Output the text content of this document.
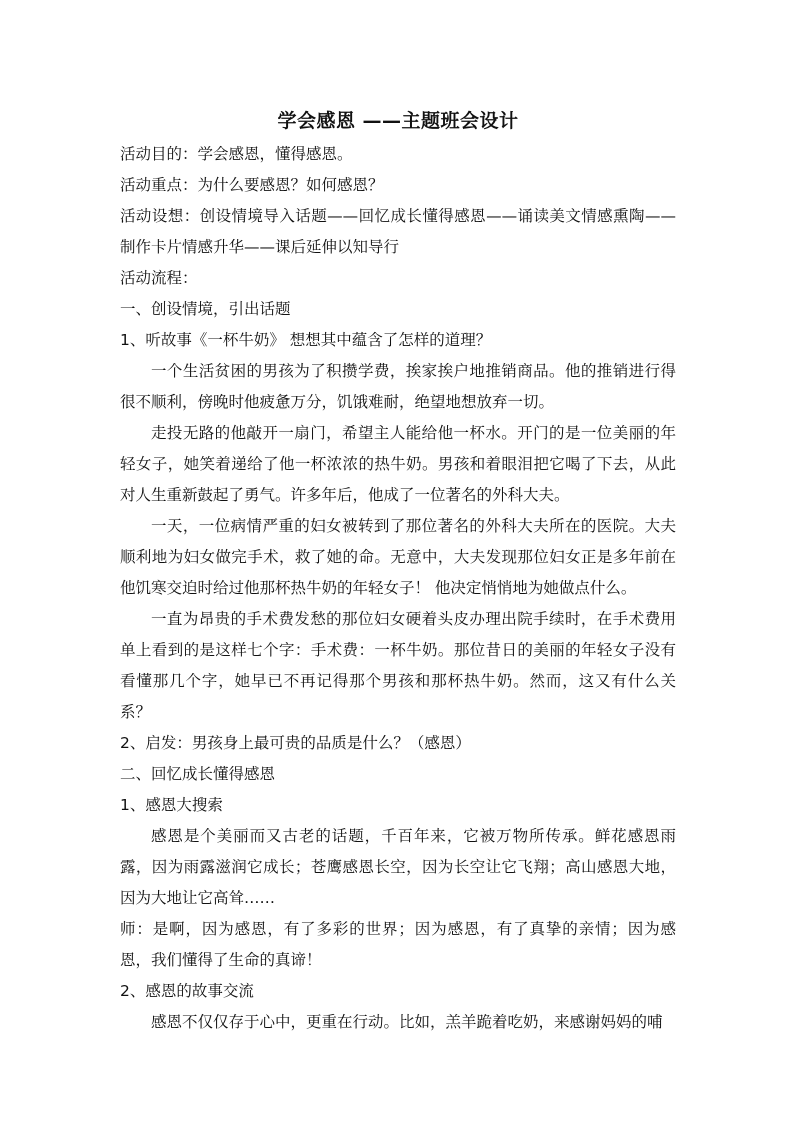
学会感恩 ——主题班会设计

活动目的：学会感恩，懂得感恩。

活动重点：为什么要感恩？如何感恩？

活动设想：创设情境导入话题——回忆成长懂得感恩——诵读美文情感熏陶——制作卡片情感升华——课后延伸以知导行

活动流程：

一、创设情境，引出话题

1、听故事《一杯牛奶》 想想其中蕴含了怎样的道理？

一个生活贫困的男孩为了积攒学费，挨家挨户地推销商品。他的推销进行得很不顺利，傍晚时他疲惫万分，饥饿难耐，绝望地想放弃一切。

走投无路的他敲开一扇门，希望主人能给他一杯水。开门的是一位美丽的年轻女子，她笑着递给了他一杯浓浓的热牛奶。男孩和着眼泪把它喝了下去，从此对人生重新鼓起了勇气。许多年后，他成了一位著名的外科大夫。

一天，一位病情严重的妇女被转到了那位著名的外科大夫所在的医院。大夫顺利地为妇女做完手术，救了她的命。无意中，大夫发现那位妇女正是多年前在他饥寒交迫时给过他那杯热牛奶的年轻女子！ 他决定悄悄地为她做点什么。

一直为昂贵的手术费发愁的那位妇女硬着头皮办理出院手续时，在手术费用单上看到的是这样七个字：手术费：一杯牛奶。那位昔日的美丽的年轻女子没有看懂那几个字，她早已不再记得那个男孩和那杯热牛奶。然而，这又有什么关系？

2、启发：男孩身上最可贵的品质是什么？（感恩）

二、回忆成长懂得感恩

1、感恩大搜索

感恩是个美丽而又古老的话题，千百年来，它被万物所传承。鲜花感恩雨露，因为雨露滋润它成长；苍鹰感恩长空，因为长空让它飞翔；高山感恩大地，因为大地让它高耸……

师：是啊，因为感恩，有了多彩的世界；因为感恩，有了真挚的亲情；因为感恩，我们懂得了生命的真谛！

2、感恩的故事交流

感恩不仅仅存于心中，更重在行动。比如，羔羊跪着吃奶，来感谢妈妈的哺
